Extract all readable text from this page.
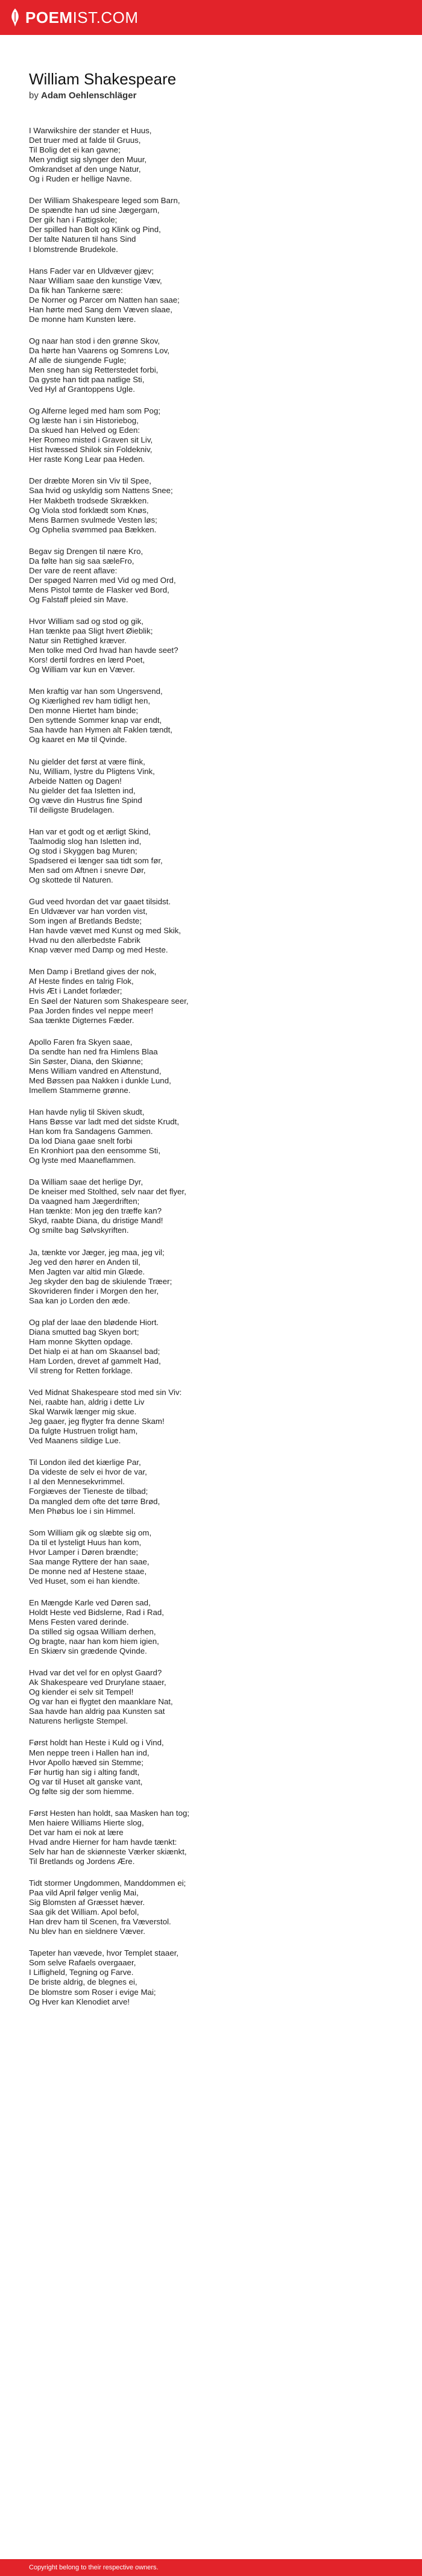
POEMIST.COM
William Shakespeare
by Adam Oehlenschläger
I Warwikshire der stander et Huus,
Det truer med at falde til Gruus,
Til Bolig det ei kan gavne;
Men yndigt sig slynger den Muur,
Omkrandset af den unge Natur,
Og i Ruden er hellige Navne.
Der William Shakespeare leged som Barn,
De spændte han ud sine Jægergarn,
Der gik han i Fattigskole;
Der spilled han Bolt og Klink og Pind,
Der talte Naturen til hans Sind
I blomstrende Brudekole.
Hans Fader var en Uldvæver gjæv;
Naar William saae den kunstige Væv,
Da fik han Tankerne sære:
De Norner og Parcer om Natten han saae;
Han hørte med Sang dem Væven slaae,
De monne ham Kunsten lære.
Og naar han stod i den grønne Skov,
Da hørte han Vaarens og Somrens Lov,
Af alle de siungende Fugle;
Men sneg han sig Retterstedet forbi,
Da gyste han tidt paa natlige Sti,
Ved Hyl af Grantoppens Ugle.
Og Alferne leged med ham som Pog;
Og læste han i sin Historiebog,
Da skued han Helved og Eden:
Her Romeo misted i Graven sit Liv,
Hist hvæssed Shilok sin Foldekniv,
Her raste Kong Lear paa Heden.
Der dræbte Moren sin Viv til Spee,
Saa hvid og uskyldig som Nattens Snee;
Her Makbeth trodsede Skrækken.
Og Viola stod forklædt som Knøs,
Mens Barmen svulmede Vesten løs;
Og Ophelia svømmed paa Bækken.
Begav sig Drengen til nære Kro,
Da følte han sig saa sæleFro,
Der vare de reent aflave:
Der spøged Narren med Vid og med Ord,
Mens Pistol tømte de Flasker ved Bord,
Og Falstaff pleied sin Mave.
Hvor William sad og stod og gik,
Han tænkte paa Sligt hvert Øieblik;
Natur sin Rettighed kræver.
Men tolke med Ord hvad han havde seet?
Kors! dertil fordres en lærd Poet,
Og William var kun en Væver.
Men kraftig var han som Ungersvend,
Og Kiærlighed rev ham tidligt hen,
Den monne Hiertet ham binde;
Den syttende Sommer knap var endt,
Saa havde han Hymen alt Faklen tændt,
Og kaaret en Mø til Qvinde.
Nu gielder det først at være flink,
Nu, William, lystre du Pligtens Vink,
Arbeide Natten og Dagen!
Nu gielder det faa Isletten ind,
Og væve din Hustrus fine Spind
Til deiligste Brudelagen.
Han var et godt og et ærligt Skind,
Taalmodig slog han Isletten ind,
Og stod i Skyggen bag Muren;
Spadsered ei længer saa tidt som før,
Men sad om Aftnen i snevre Dør,
Og skottede til Naturen.
Gud veed hvordan det var gaaet tilsidst.
En Uldvæver var han vorden vist,
Som ingen af Bretlands Bedste;
Han havde vævet med Kunst og med Skik,
Hvad nu den allerbedste Fabrik
Knap væver med Damp og med Heste.
Men Damp i Bretland gives der nok,
Af Heste findes en talrig Flok,
Hvis Æt i Landet forlæder;
En Søel der Naturen som Shakespeare seer,
Paa Jorden findes vel neppe meer!
Saa tænkte Digternes Fæder.
Apollo Faren fra Skyen saae,
Da sendte han ned fra Himlens Blaa
Sin Søster, Diana, den Skiønne;
Mens William vandred en Aftenstund,
Med Bøssen paa Nakken i dunkle Lund,
Imellem Stammerne grønne.
Han havde nylig til Skiven skudt,
Hans Bøsse var ladt med det sidste Krudt,
Han kom fra Sandagens Gammen.
Da lod Diana gaae snelt forbi
En Kronhiort paa den eensomme Sti,
Og lyste med Maaneflammen.
Da William saae det herlige Dyr,
De kneiser med Stolthed, selv naar det flyer,
Da vaagned ham Jægerdriften;
Han tænkte: Mon jeg den træffe kan?
Skyd, raabte Diana, du dristige Mand!
Og smilte bag Sølvskyriften.
Ja, tænkte vor Jæger, jeg maa, jeg vil;
Jeg ved den hører en Anden til,
Men Jagten var altid min Glæde.
Jeg skyder den bag de skiulende Træer;
Skovrideren finder i Morgen den her,
Saa kan jo Lorden den æde.
Og plaf der laae den blødende Hiort.
Diana smutted bag Skyen bort;
Ham monne Skytten opdage.
Det hialp ei at han om Skaansel bad;
Ham Lorden, drevet af gammelt Had,
Vil streng for Retten forklage.
Ved Midnat Shakespeare stod med sin Viv:
Nei, raabte han, aldrig i dette Liv
Skal Warwik længer mig skue.
Jeg gaaer, jeg flygter fra denne Skam!
Da fulgte Hustruen troligt ham,
Ved Maanens sildige Lue.
Til London iled det kiærlige Par,
Da videste de selv ei hvor de var,
I al den Mennesekvrimmel.
Forgiæves der Tieneste de tilbad;
Da mangled dem ofte det tørre Brød,
Men Phøbus loe i sin Himmel.
Som William gik og slæbte sig om,
Da til et lysteligt Huus han kom,
Hvor Lamper i Døren brændte;
Saa mange Ryttere der han saae,
De monne ned af Hestene staae,
Ved Huset, som ei han kiendte.
En Mængde Karle ved Døren sad,
Holdt Heste ved Bidslerne, Rad i Rad,
Mens Festen vared derinde.
Da stilled sig ogsaa William derhen,
Og bragte, naar han kom hiem igien,
En Skiærv sin grædende Qvinde.
Hvad var det vel for en oplyst Gaard?
Ak Shakespeare ved Drurylane staaer,
Og kiender ei selv sit Tempel!
Og var han ei flygtet den maanklare Nat,
Saa havde han aldrig paa Kunsten sat
Naturens herligste Stempel.
Først holdt han Heste i Kuld og i Vind,
Men neppe treen i Hallen han ind,
Hvor Apollo hæved sin Stemme;
Før hurtig han sig i alting fandt,
Og var til Huset alt ganske vant,
Og følte sig der som hiemme.
Først Hesten han holdt, saa Masken han tog;
Men haiere Williams Hierte slog,
Det var ham ei nok at lære
Hvad andre Hierner for ham havde tænkt:
Selv har han de skiønneste Værker skiænkt,
Til Bretlands og Jordens Ære.
Tidt stormer Ungdommen, Manddommen ei;
Paa vild April følger venlig Mai,
Sig Blomsten af Græsset hæver.
Saa gik det William. Apol befol,
Han drev ham til Scenen, fra Væverstol.
Nu blev han en sieldnere Væver.
Tapeter han vævede, hvor Templet staaer,
Som selve Rafaels overgaaer,
I Lifligheld, Tegning og Farve.
De briste aldrig, de blegnes ei,
De blomstre som Roser i evige Mai;
Og Hver kan Klenodiet arve!
Copyright belong to their respective owners.
